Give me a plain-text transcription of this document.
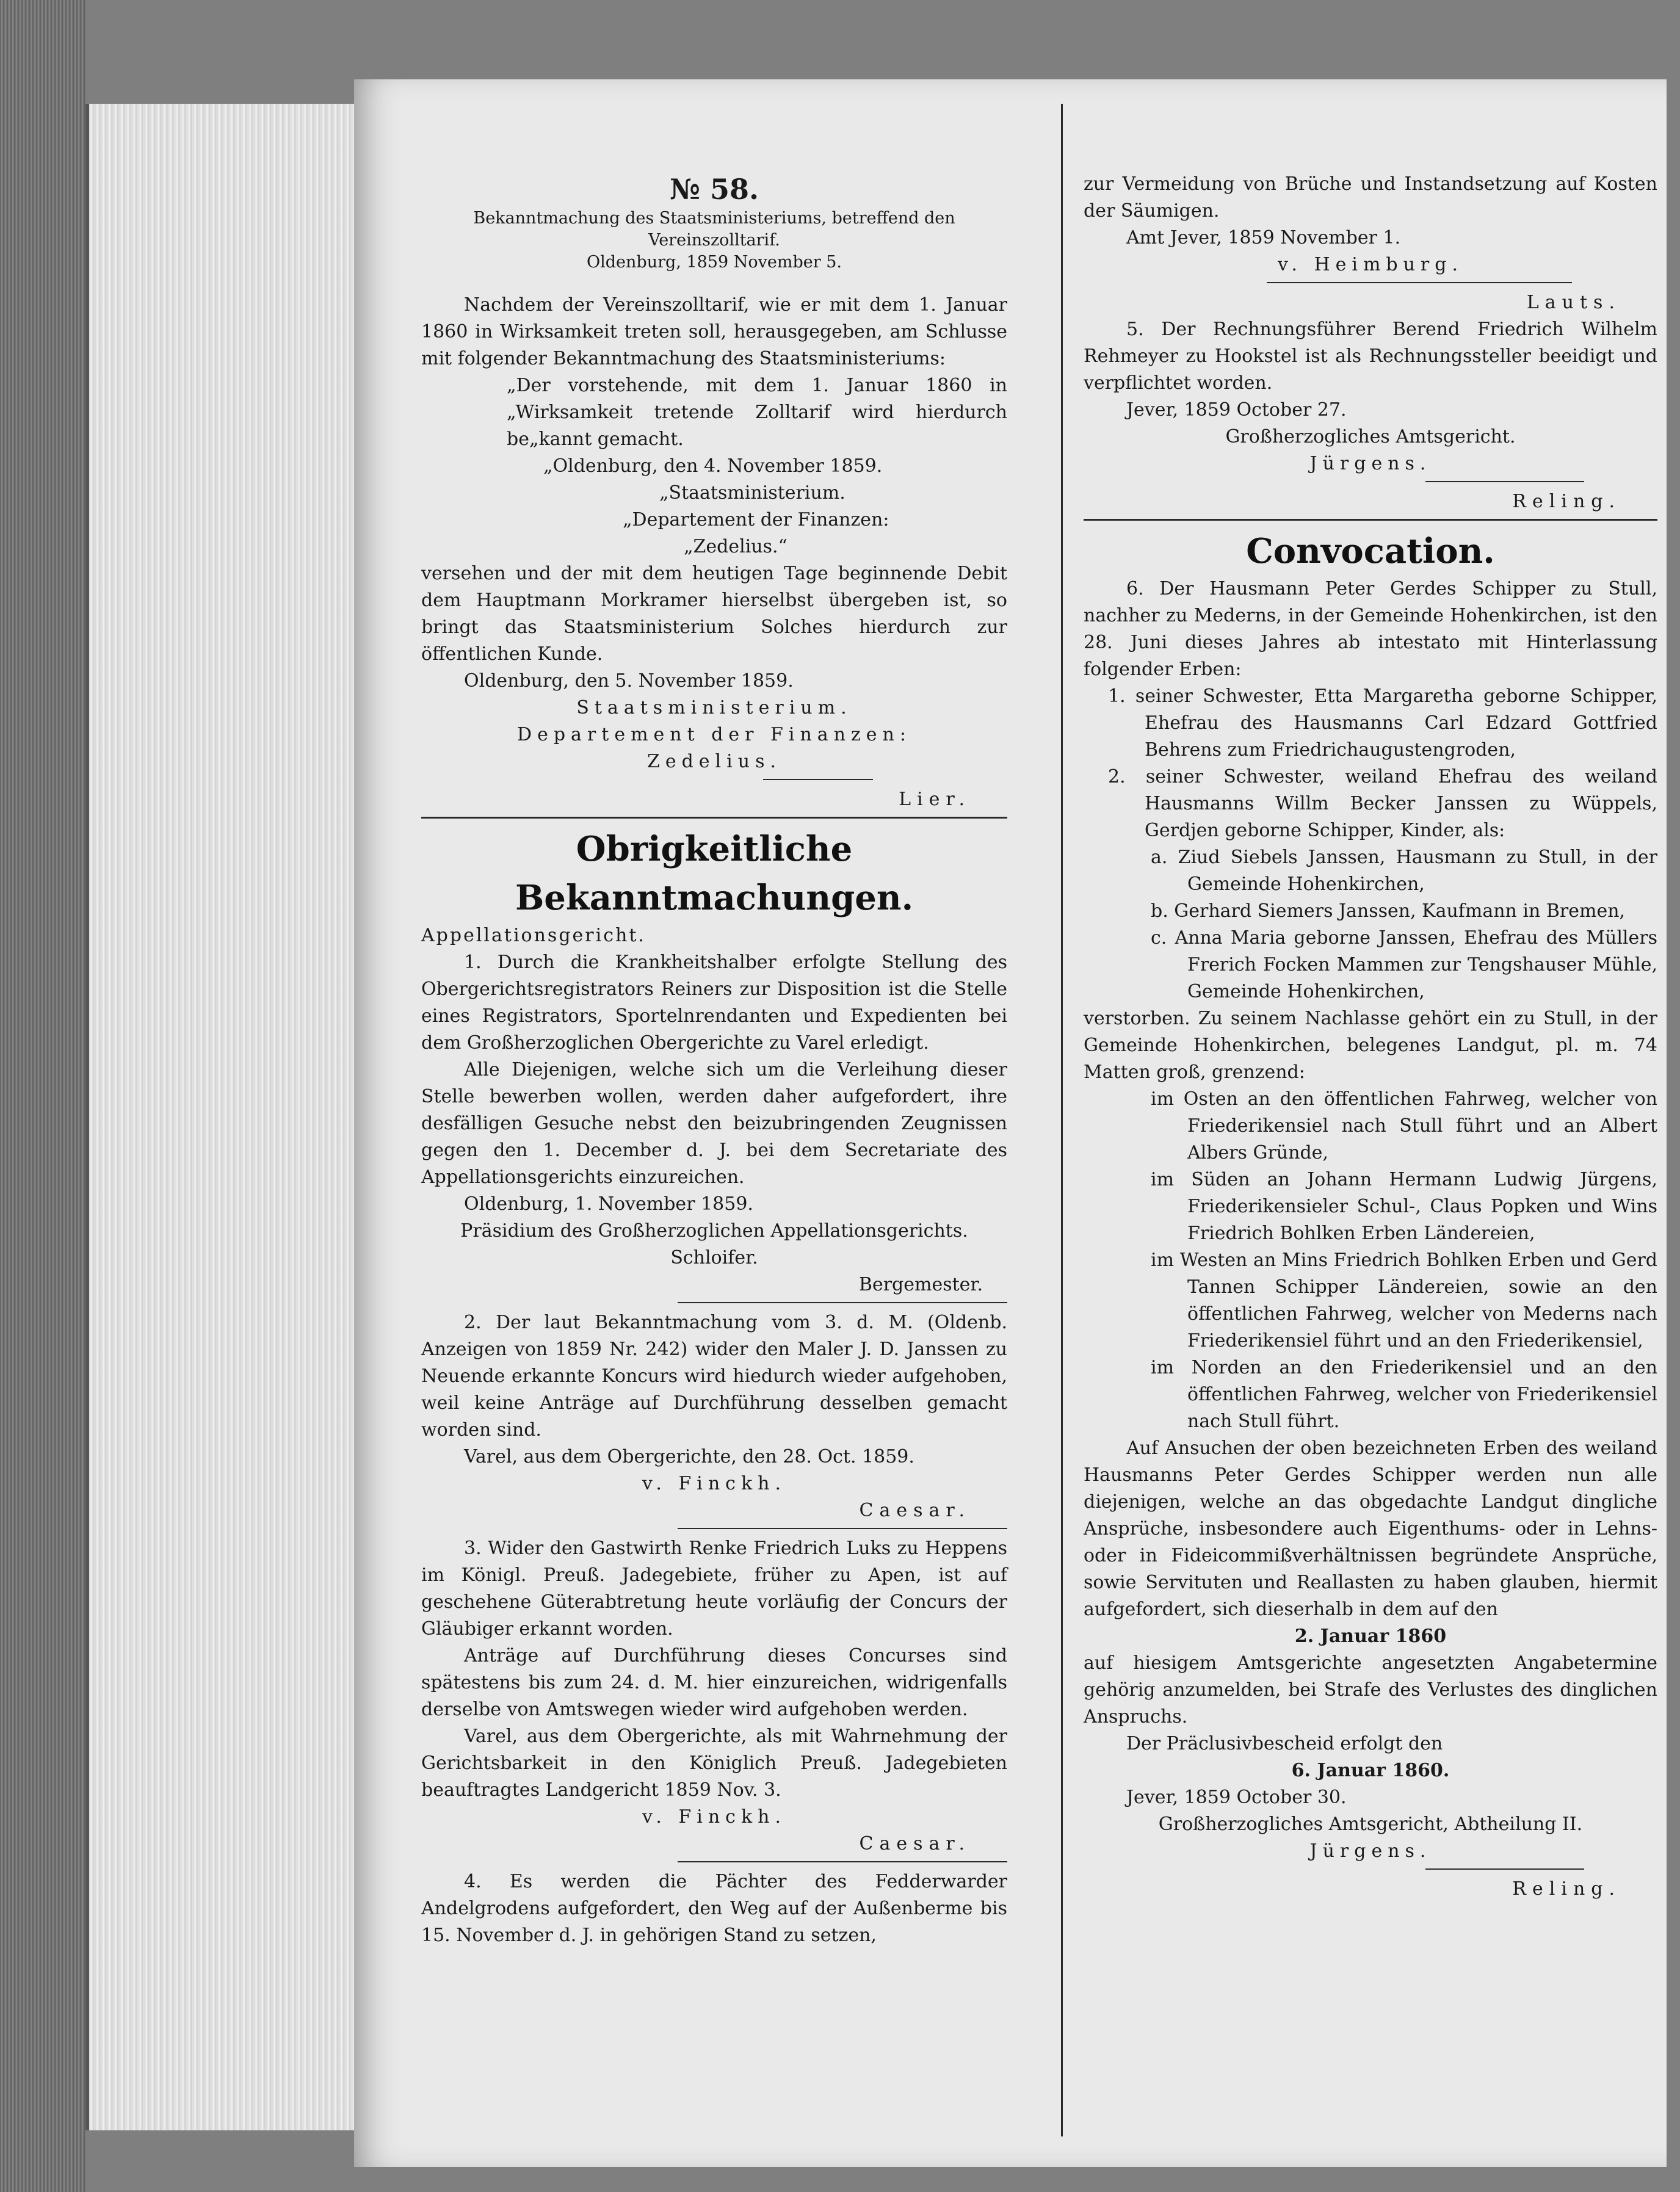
№ 58.

Bekanntmachung des Staatsministeriums, betreffend den Vereinszolltarif.

Oldenburg, 1859 November 5.

Nachdem der Vereinszolltarif, wie er mit dem 1. Januar 1860 in Wirksamkeit treten soll, herausgegeben, am Schlusse mit folgender Bekanntmachung des Staatsministeriums:

„Der vorstehende, mit dem 1. Januar 1860 in „Wirksamkeit tretende Zolltarif wird hierdurch be„kannt gemacht.

„Oldenburg, den 4. November 1859.

„Staatsministerium.

„Departement der Finanzen:

„Zedelius.“

versehen und der mit dem heutigen Tage beginnende Debit dem Hauptmann Morkramer hierselbst übergeben ist, so bringt das Staatsministerium Solches hierdurch zur öffentlichen Kunde.

Oldenburg, den 5. November 1859.

Staatsministerium.

Departement der Finanzen:

Zedelius.

Lier.

Obrigkeitliche Bekanntmachungen.

Appellationsgericht.

1. Durch die Krankheitshalber erfolgte Stellung des Obergerichtsregistrators Reiners zur Disposition ist die Stelle eines Registrators, Sportelnrendanten und Expedienten bei dem Großherzoglichen Obergerichte zu Varel erledigt.

Alle Diejenigen, welche sich um die Verleihung dieser Stelle bewerben wollen, werden daher aufgefordert, ihre desfälligen Gesuche nebst den beizubringenden Zeugnissen gegen den 1. December d. J. bei dem Secretariate des Appellationsgerichts einzureichen.

Oldenburg, 1. November 1859.

Präsidium des Großherzoglichen Appellationsgerichts.

Schloifer.

Bergemester.

2. Der laut Bekanntmachung vom 3. d. M. (Oldenb. Anzeigen von 1859 Nr. 242) wider den Maler J. D. Janssen zu Neuende erkannte Koncurs wird hiedurch wieder aufgehoben, weil keine Anträge auf Durchführung desselben gemacht worden sind.

Varel, aus dem Obergerichte, den 28. Oct. 1859.

v. Finckh.

Caesar.

3. Wider den Gastwirth Renke Friedrich Luks zu Heppens im Königl. Preuß. Jadegebiete, früher zu Apen, ist auf geschehene Güterabtretung heute vorläufig der Concurs der Gläubiger erkannt worden.

Anträge auf Durchführung dieses Concurses sind spätestens bis zum 24. d. M. hier einzureichen, widrigenfalls derselbe von Amtswegen wieder wird aufgehoben werden.

Varel, aus dem Obergerichte, als mit Wahrnehmung der Gerichtsbarkeit in den Königlich Preuß. Jadegebieten beauftragtes Landgericht 1859 Nov. 3.

v. Finckh.

Caesar.

4. Es werden die Pächter des Fedderwarder Andelgrodens aufgefordert, den Weg auf der Außenberme bis 15. November d. J. in gehörigen Stand zu setzen,

zur Vermeidung von Brüche und Instandsetzung auf Kosten der Säumigen.

Amt Jever, 1859 November 1.

v. Heimburg.

Lauts.

5. Der Rechnungsführer Berend Friedrich Wilhelm Rehmeyer zu Hookstel ist als Rechnungssteller beeidigt und verpflichtet worden.

Jever, 1859 October 27.

Großherzogliches Amtsgericht.

Jürgens.

Reling.

Convocation.

6. Der Hausmann Peter Gerdes Schipper zu Stull, nachher zu Mederns, in der Gemeinde Hohenkirchen, ist den 28. Juni dieses Jahres ab intestato mit Hinterlassung folgender Erben:

1. seiner Schwester, Etta Margaretha geborne Schipper, Ehefrau des Hausmanns Carl Edzard Gottfried Behrens zum Friedrichaugustengroden,

2. seiner Schwester, weiland Ehefrau des weiland Hausmanns Willm Becker Janssen zu Wüppels, Gerdjen geborne Schipper, Kinder, als:

a. Ziud Siebels Janssen, Hausmann zu Stull, in der Gemeinde Hohenkirchen,

b. Gerhard Siemers Janssen, Kaufmann in Bremen,

c. Anna Maria geborne Janssen, Ehefrau des Müllers Frerich Focken Mammen zur Tengshauser Mühle, Gemeinde Hohenkirchen,

verstorben. Zu seinem Nachlasse gehört ein zu Stull, in der Gemeinde Hohenkirchen, belegenes Landgut, pl. m. 74 Matten groß, grenzend:

im Osten an den öffentlichen Fahrweg, welcher von Friederikensiel nach Stull führt und an Albert Albers Gründe,

im Süden an Johann Hermann Ludwig Jürgens, Friederikensieler Schul-, Claus Popken und Wins Friedrich Bohlken Erben Ländereien,

im Westen an Mins Friedrich Bohlken Erben und Gerd Tannen Schipper Ländereien, sowie an den öffentlichen Fahrweg, welcher von Mederns nach Friederikensiel führt und an den Friederikensiel,

im Norden an den Friederikensiel und an den öffentlichen Fahrweg, welcher von Friederikensiel nach Stull führt.

Auf Ansuchen der oben bezeichneten Erben des weiland Hausmanns Peter Gerdes Schipper werden nun alle diejenigen, welche an das obgedachte Landgut dingliche Ansprüche, insbesondere auch Eigenthums- oder in Lehns- oder in Fideicommißverhältnissen begründete Ansprüche, sowie Servituten und Reallasten zu haben glauben, hiermit aufgefordert, sich dieserhalb in dem auf den

2. Januar 1860

auf hiesigem Amtsgerichte angesetzten Angabetermine gehörig anzumelden, bei Strafe des Verlustes des dinglichen Anspruchs.

Der Präclusivbescheid erfolgt den

6. Januar 1860.

Jever, 1859 October 30.

Großherzogliches Amtsgericht, Abtheilung II.

Jürgens.

Reling.
